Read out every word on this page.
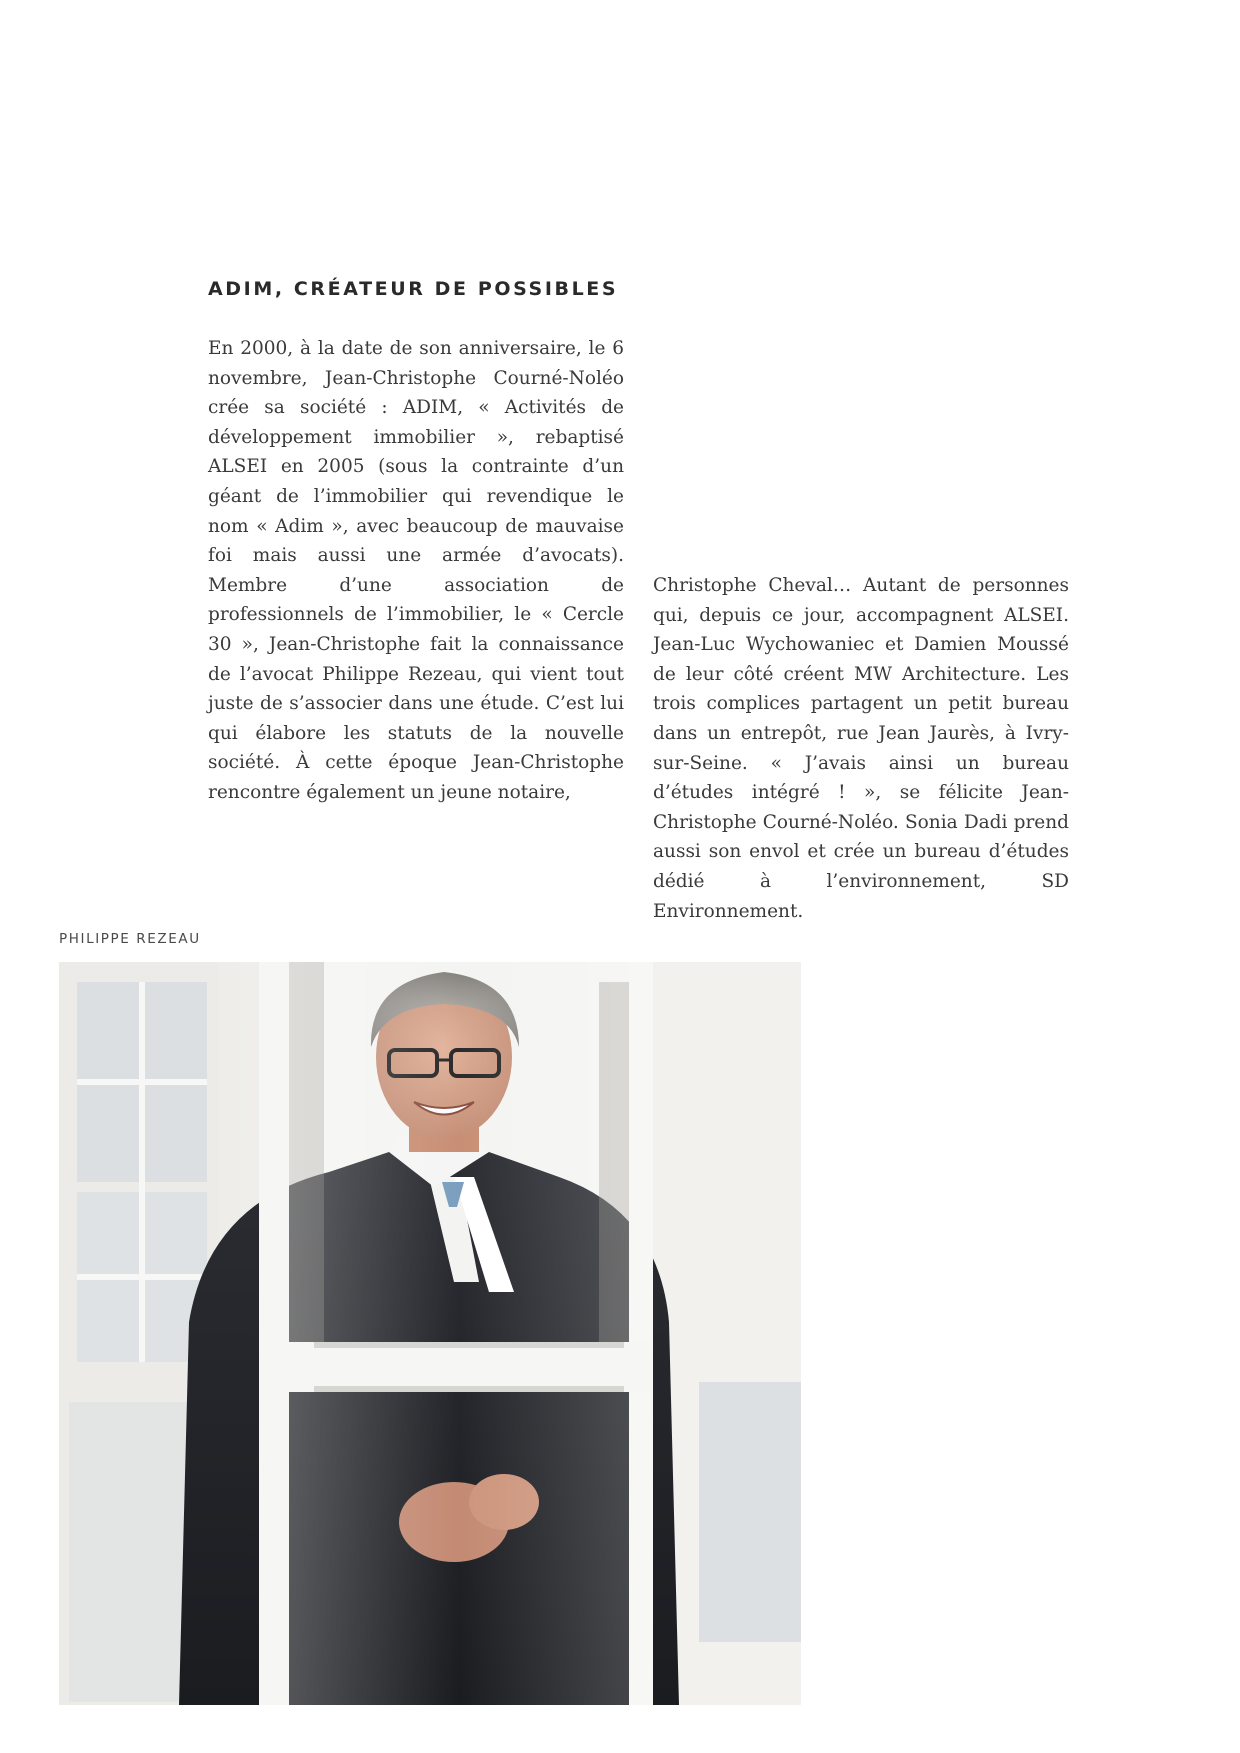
ADIM, CRÉATEUR DE POSSIBLES

En 2000, à la date de son anniversaire, le 6 novembre, Jean-Christophe Courné-Noléo crée sa société : ADIM, « Activités de développement immobilier », rebaptisé ALSEI en 2005 (sous la contrainte d’un géant de l’immobilier qui revendique le nom « Adim », avec beaucoup de mauvaise foi mais aussi une armée d’avocats). Membre d’une association de professionnels de l’immobilier, le « Cercle 30 », Jean-Christophe fait la connaissance de l’avocat Philippe Rezeau, qui vient tout juste de s’associer dans une étude. C’est lui qui élabore les statuts de la nouvelle société. À cette époque Jean-Christophe rencontre également un jeune notaire,

Christophe Cheval… Autant de personnes qui, depuis ce jour, accompagnent ALSEI. Jean-Luc Wychowaniec et Damien Moussé de leur côté créent MW Architecture. Les trois complices partagent un petit bureau dans un entrepôt, rue Jean Jaurès, à Ivry-sur-Seine. « J’avais ainsi un bureau d’études intégré ! », se félicite Jean-Christophe Courné-Noléo. Sonia Dadi prend aussi son envol et crée un bureau d’études dédié à l’environnement, SD Environnement.

PHILIPPE REZEAU
